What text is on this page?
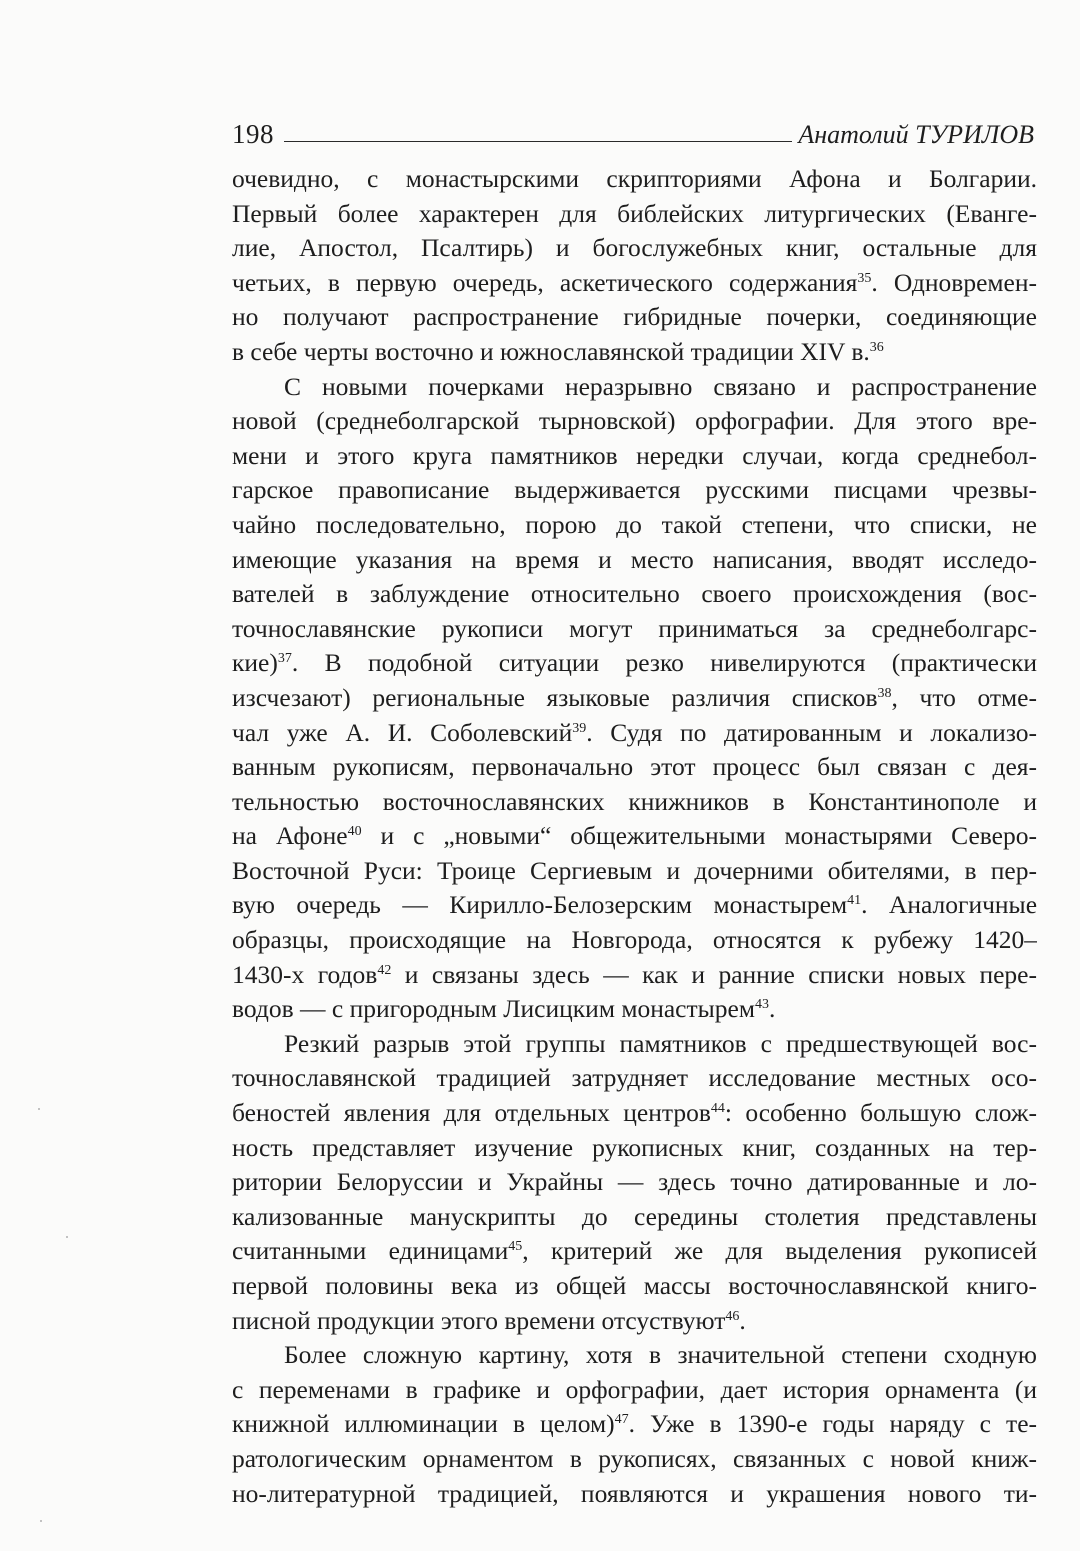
198	Анатолий ТУРИЛОВ
очевидно, с монастырскими скрипториями Афона и Болгарии.
Первый более характерен для библейских литургических (Еванге-
лие, Апостол, Псалтирь) и богослужебных книг, остальные для
четьих, в первую очередь, аскетического содержания$^{35}$. Одновремен-
но получают распространение гибридные почерки, соединяющие
в себе черты восточно и южнославянской традиции XIV в.$^{36}$
С новыми почерками неразрывно связано и распространение
новой (среднеболгарской тырновской) орфографии. Для этого вре-
мени и этого круга памятников нередки случаи, когда среднебол-
гарское правописание выдерживается русскими писцами чрезвы-
чайно последовательно, порою до такой степени, что списки, не
имеющие указания на время и место написания, вводят исследо-
вателей в заблуждение относительно своего происхождения (вос-
точнославянские рукописи могут приниматься за среднеболгарс-
кие)$^{37}$. В подобной ситуации резко нивелируются (практически
изсчезают) региональные языковые различия списков$^{38}$, что отме-
чал уже А. И. Соболевский$^{39}$. Судя по датированным и локализо-
ванным рукописям, первоначально этот процесс был связан с дея-
тельностью восточнославянских книжников в Константинополе и
на Афоне$^{40}$ и с „новыми“ общежительными монастырями Северо-
Восточной Руси: Троице Сергиевым и дочерними обителями, в пер-
вую очередь — Кирилло-Белозерским монастырем$^{41}$. Аналогичные
образцы, происходящие на Новгорода, относятся к рубежу 1420–
1430-х годов$^{42}$ и связаны здесь — как и ранние списки новых пере-
водов — с пригородным Лисицким монастырем$^{43}$.
Резкий разрыв этой группы памятников с предшествующей вос-
точнославянской традицией затрудняет исследование местных осо-
беностей явления для отдельных центров$^{44}$: особенно большую слож-
ность представляет изучение рукописных книг, созданных на тер-
ритории Белоруссии и Украйны — здесь точно датированные и ло-
кализованные манускрипты до середины столетия представлены
считанными единицами$^{45}$, критерий же для выделения рукописей
первой половины века из общей массы восточнославянской книго-
писной продукции этого времени отсуствуют$^{46}$.
Более сложную картину, хотя в значительной степени сходную
с переменами в графике и орфографии, дает история орнамента (и
книжной иллюминации в целом)$^{47}$. Уже в 1390-е годы наряду с те-
ратологическим орнаментом в рукописях, связанных с новой книж-
но-литературной традицией, появляются и украшения нового ти-
